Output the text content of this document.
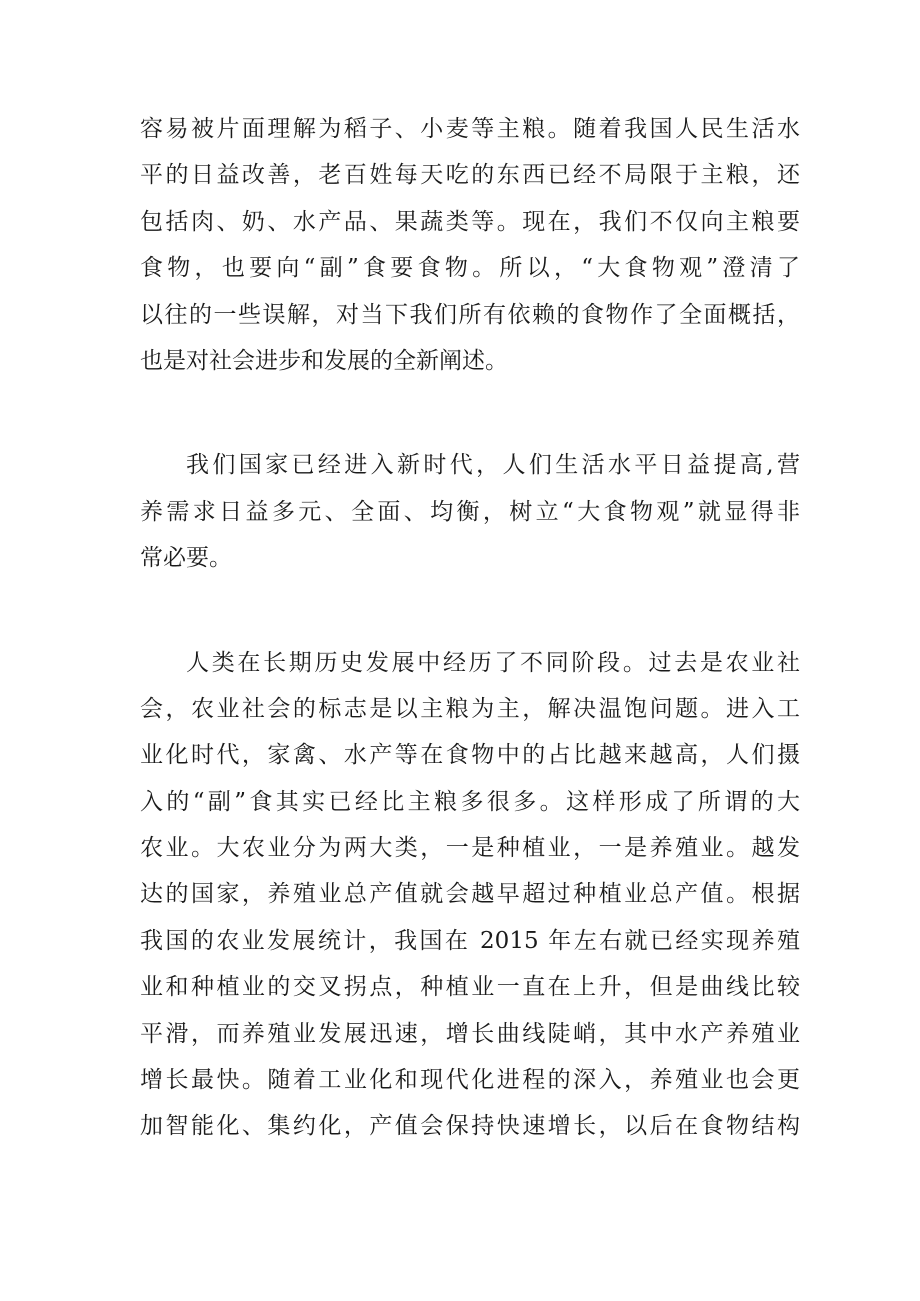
容易被片面理解为稻子、小麦等主粮。随着我国人民生活水
平的日益改善，老百姓每天吃的东西已经不局限于主粮，还
包括肉、奶、水产品、果蔬类等。现在，我们不仅向主粮要
食物，也要向“副”食要食物。所以，“大食物观”澄清了
以往的一些误解，对当下我们所有依赖的食物作了全面概括，
也是对社会进步和发展的全新阐述。
我们国家已经进入新时代，人们生活水平日益提高,营
养需求日益多元、全面、均衡，树立“大食物观”就显得非
常必要。
人类在长期历史发展中经历了不同阶段。过去是农业社
会，农业社会的标志是以主粮为主，解决温饱问题。进入工
业化时代，家禽、水产等在食物中的占比越来越高，人们摄
入的“副”食其实已经比主粮多很多。这样形成了所谓的大
农业。大农业分为两大类，一是种植业，一是养殖业。越发
达的国家，养殖业总产值就会越早超过种植业总产值。根据
我国的农业发展统计，我国在 2015 年左右就已经实现养殖
业和种植业的交叉拐点，种植业一直在上升，但是曲线比较
平滑，而养殖业发展迅速，增长曲线陡峭，其中水产养殖业
增长最快。随着工业化和现代化进程的深入，养殖业也会更
加智能化、集约化，产值会保持快速增长，以后在食物结构
